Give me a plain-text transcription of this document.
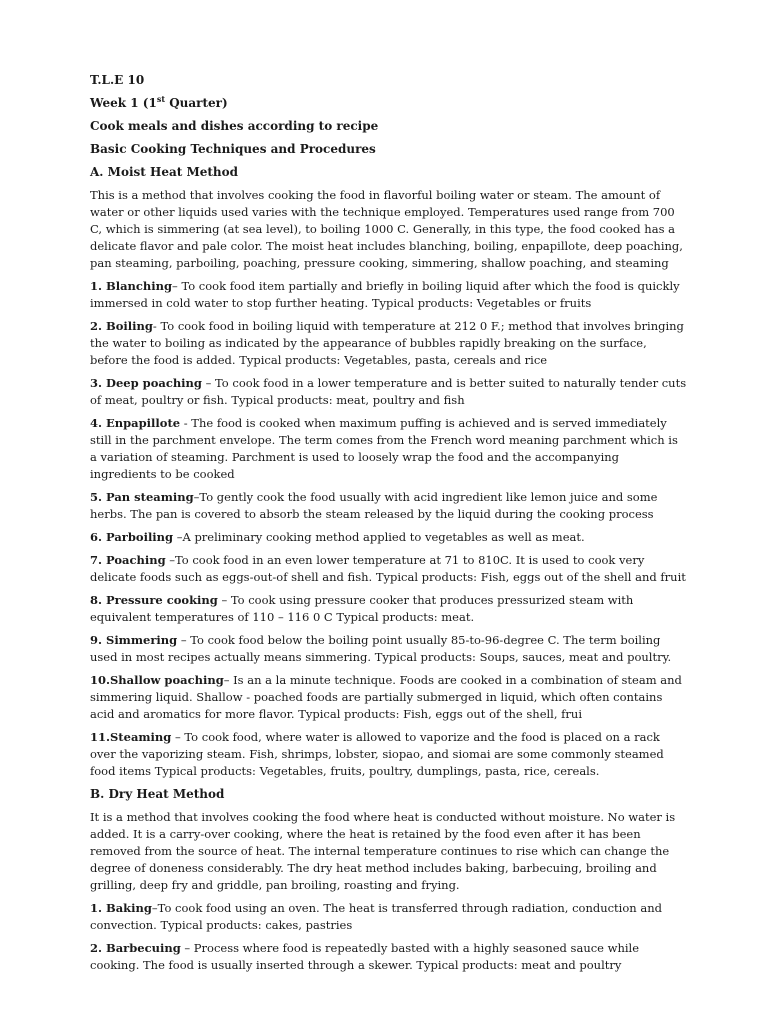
T.L.E 10
Week 1 (1st Quarter)
Cook meals and dishes according to recipe
Basic Cooking Techniques and Procedures
A. Moist Heat Method

This is a method that involves cooking the food in flavorful boiling water or steam. The amount of water or other liquids used varies with the technique employed. Temperatures used range from 700 C, which is simmering (at sea level), to boiling 1000 C. Generally, in this type, the food cooked has a delicate flavor and pale color. The moist heat includes blanching, boiling, enpapillote, deep poaching, pan steaming, parboiling, poaching, pressure cooking, simmering, shallow poaching, and steaming

1. Blanching– To cook food item partially and briefly in boiling liquid after which the food is quickly immersed in cold water to stop further heating. Typical products: Vegetables or fruits

2. Boiling- To cook food in boiling liquid with temperature at 212 0 F.; method that involves bringing the water to boiling as indicated by the appearance of bubbles rapidly breaking on the surface, before the food is added. Typical products: Vegetables, pasta, cereals and rice

3. Deep poaching – To cook food in a lower temperature and is better suited to naturally tender cuts of meat, poultry or fish. Typical products: meat, poultry and fish

4. Enpapillote - The food is cooked when maximum puffing is achieved and is served immediately still in the parchment envelope. The term comes from the French word meaning parchment which is a variation of steaming. Parchment is used to loosely wrap the food and the accompanying ingredients to be cooked

5. Pan steaming–To gently cook the food usually with acid ingredient like lemon juice and some herbs. The pan is covered to absorb the steam released by the liquid during the cooking process

6. Parboiling –A preliminary cooking method applied to vegetables as well as meat.

7. Poaching –To cook food in an even lower temperature at 71 to 810C. It is used to cook very delicate foods such as eggs-out-of shell and fish. Typical products: Fish, eggs out of the shell and fruit

8. Pressure cooking – To cook using pressure cooker that produces pressurized steam with equivalent temperatures of 110 – 116 0 C Typical products: meat.

9. Simmering – To cook food below the boiling point usually 85-to-96-degree C. The term boiling used in most recipes actually means simmering. Typical products: Soups, sauces, meat and poultry.

10.Shallow poaching– Is an a la minute technique. Foods are cooked in a combination of steam and simmering liquid. Shallow - poached foods are partially submerged in liquid, which often contains acid and aromatics for more flavor. Typical products: Fish, eggs out of the shell, frui

11.Steaming – To cook food, where water is allowed to vaporize and the food is placed on a rack over the vaporizing steam. Fish, shrimps, lobster, siopao, and siomai are some commonly steamed food items Typical products: Vegetables, fruits, poultry, dumplings, pasta, rice, cereals.

B. Dry Heat Method

It is a method that involves cooking the food where heat is conducted without moisture. No water is added. It is a carry-over cooking, where the heat is retained by the food even after it has been removed from the source of heat. The internal temperature continues to rise which can change the degree of doneness considerably. The dry heat method includes baking, barbecuing, broiling and grilling, deep fry and griddle, pan broiling, roasting and frying.

1. Baking–To cook food using an oven. The heat is transferred through radiation, conduction and convection. Typical products: cakes, pastries

2. Barbecuing – Process where food is repeatedly basted with a highly seasoned sauce while cooking. The food is usually inserted through a skewer. Typical products: meat and poultry
